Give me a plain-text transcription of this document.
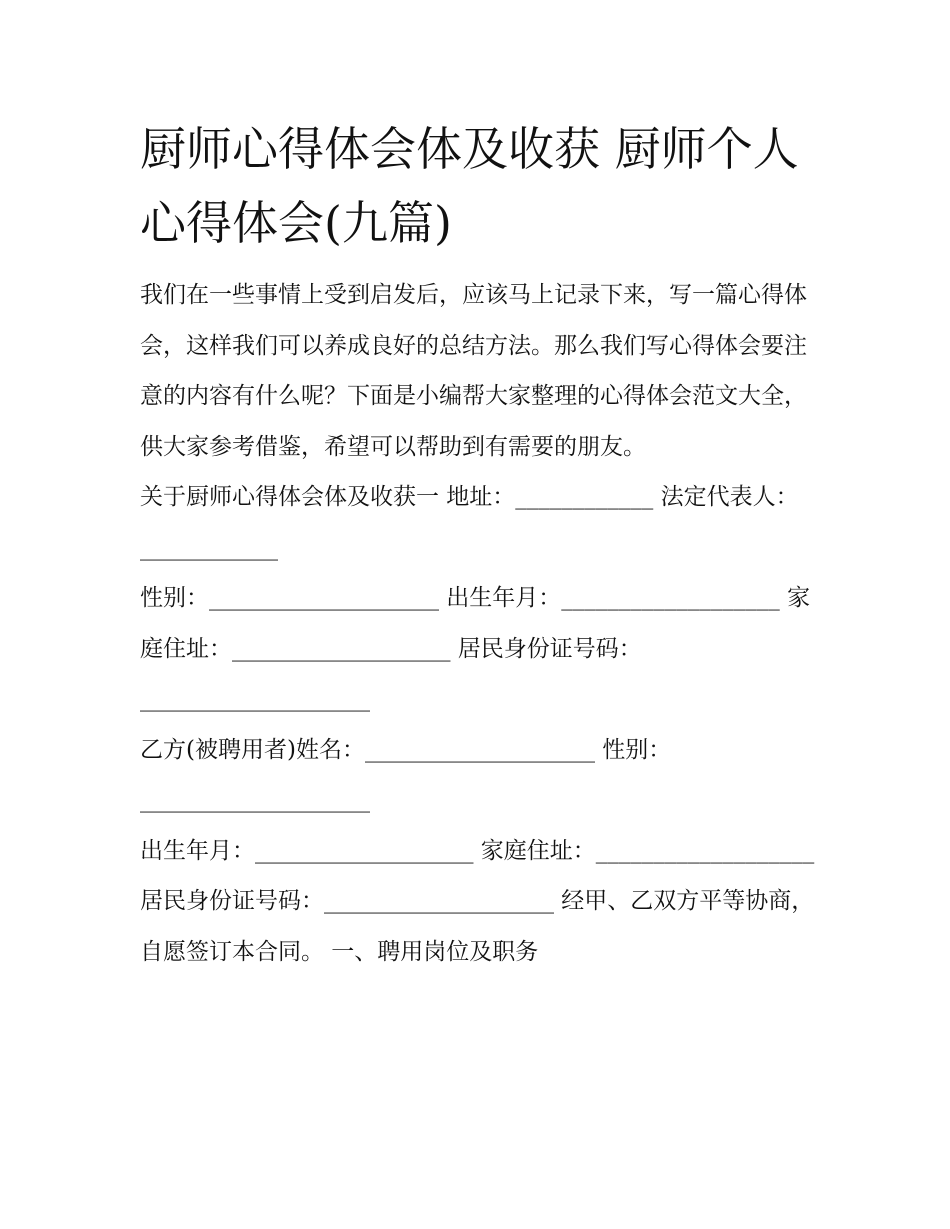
厨师心得体会体及收获 厨师个人心得体会(九篇)

我们在一些事情上受到启发后，应该马上记录下来，写一篇心得体会，这样我们可以养成良好的总结方法。那么我们写心得体会要注意的内容有什么呢？下面是小编帮大家整理的心得体会范文大全，供大家参考借鉴，希望可以帮助到有需要的朋友。

关于厨师心得体会体及收获一 地址：____________ 法定代表人：____________

性别：____________________ 出生年月：___________________ 家庭住址：___________________ 居民身份证号码：____________________

乙方(被聘用者)姓名：____________________ 性别：____________________

出生年月：___________________ 家庭住址：___________________

居民身份证号码：____________________ 经甲、乙双方平等协商，自愿签订本合同。 一、聘用岗位及职务
